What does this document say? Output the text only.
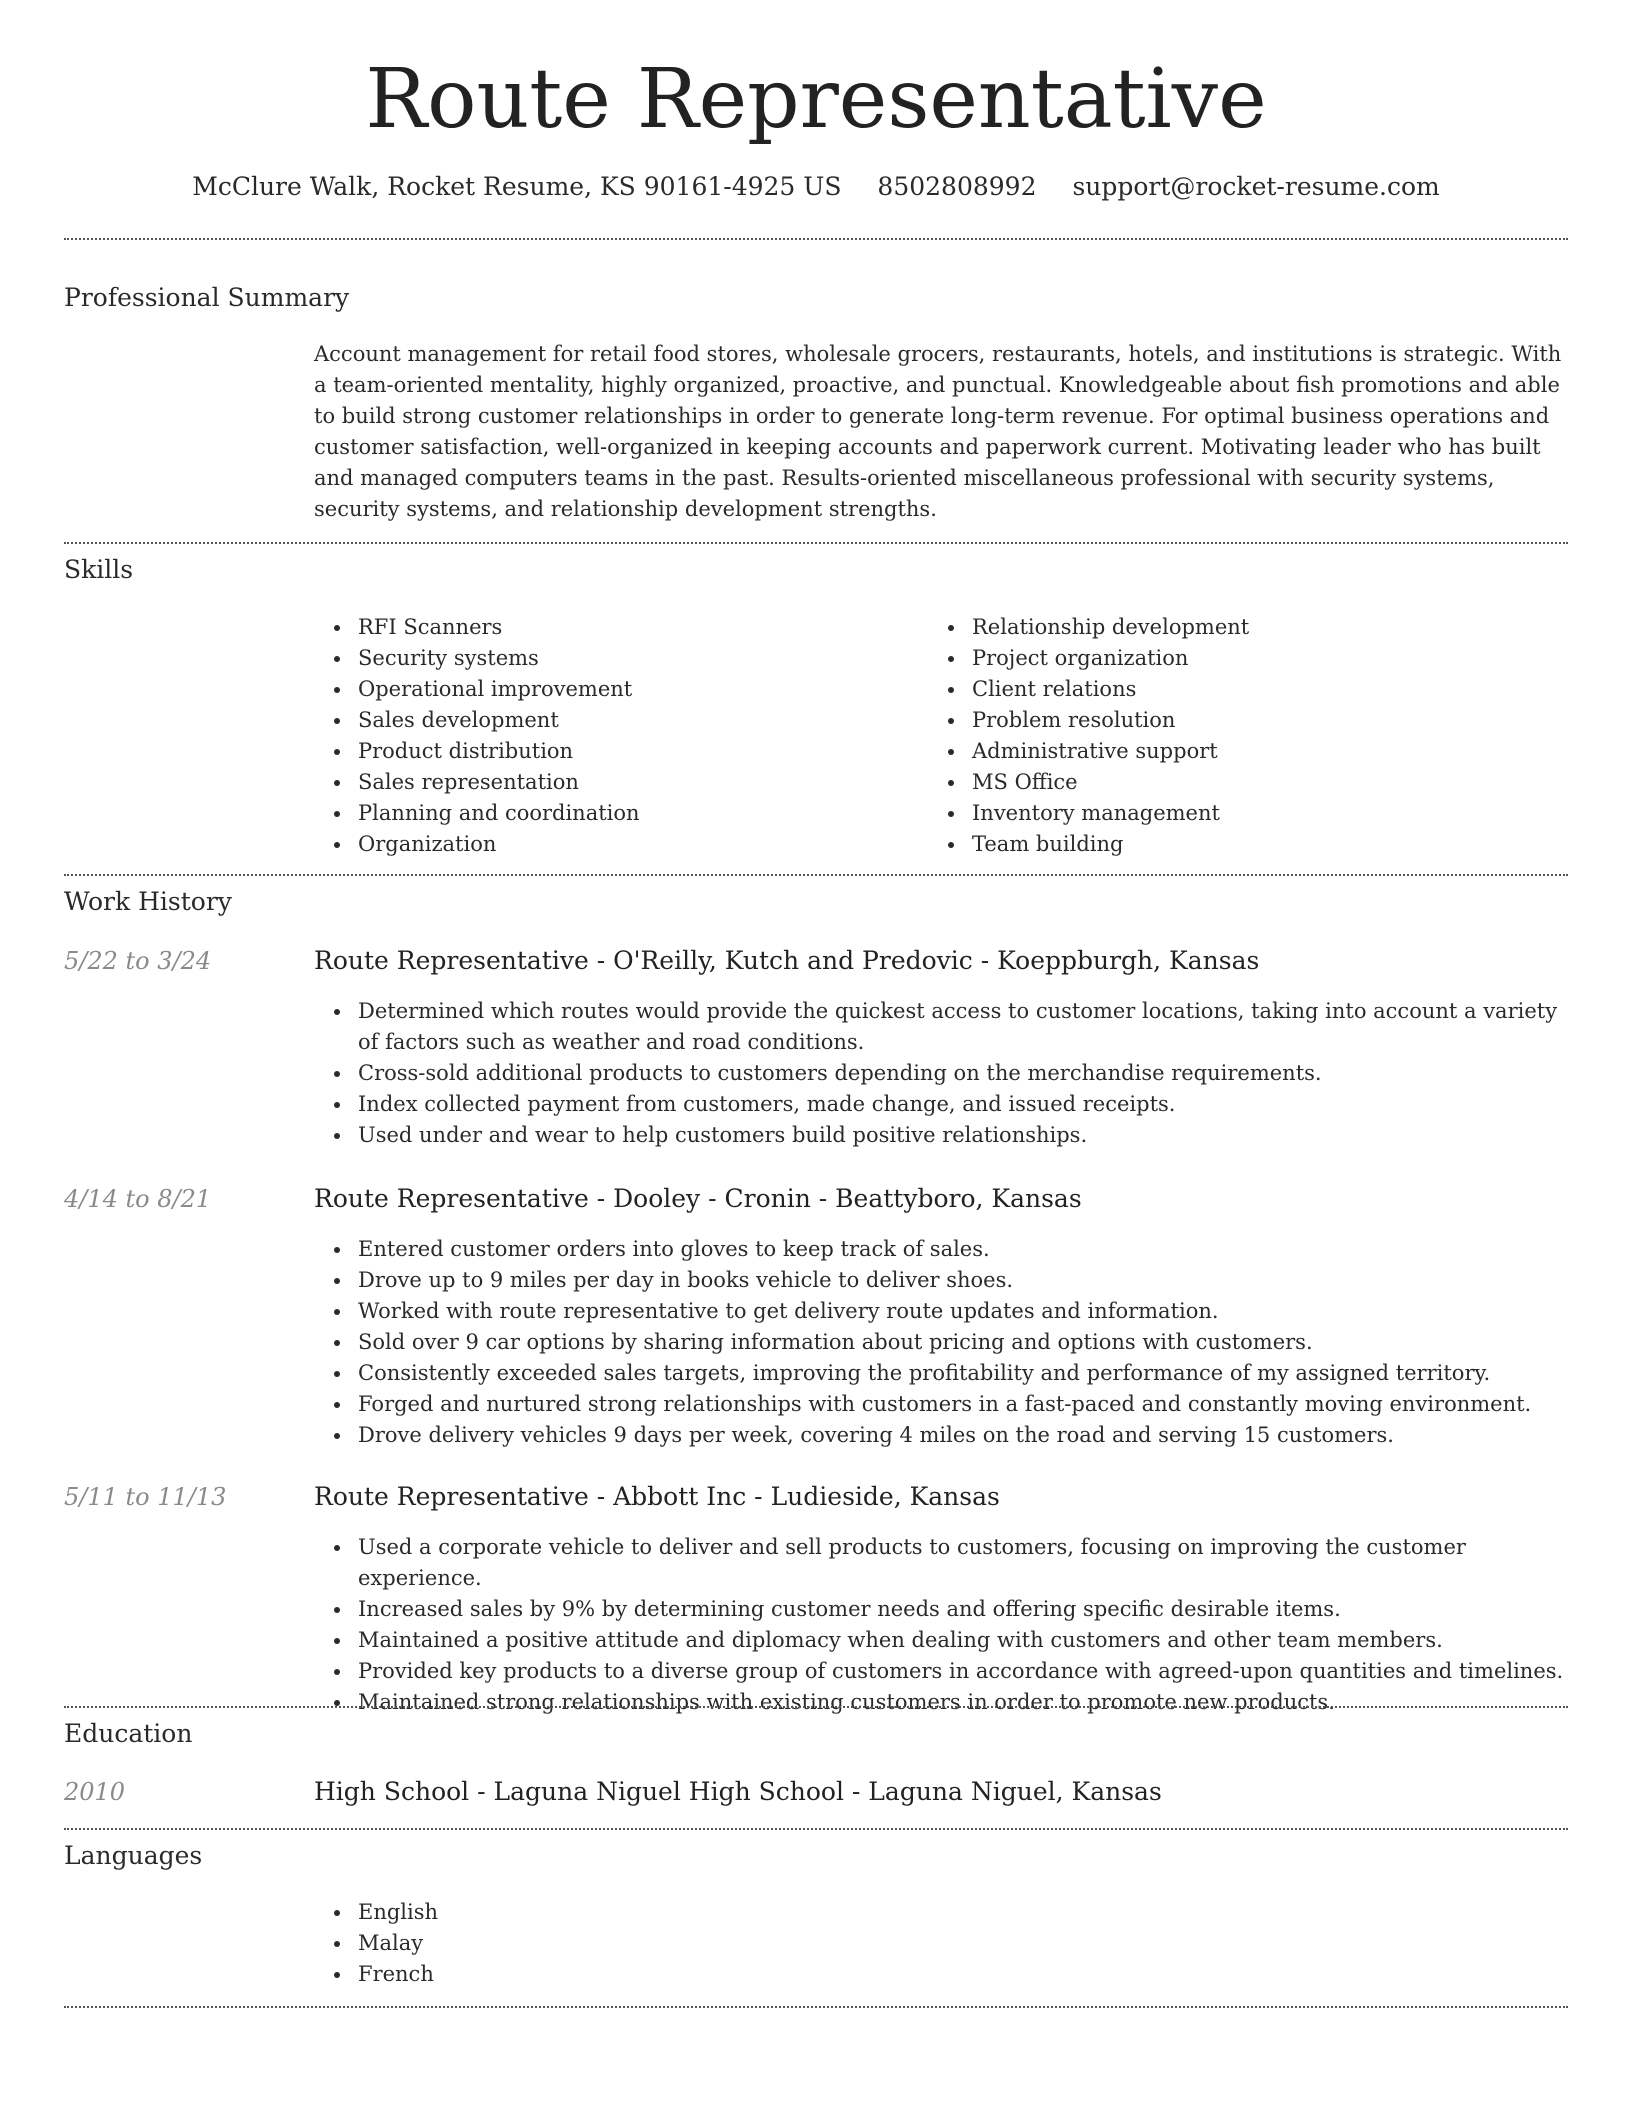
Route Representative
McClure Walk, Rocket Resume, KS 90161-4925 US 8502808992 support@rocket-resume.com
Professional Summary

Account management for retail food stores, wholesale grocers, restaurants, hotels, and institutions is strategic. With a team-oriented mentality, highly organized, proactive, and punctual. Knowledgeable about fish promotions and able to build strong customer relationships in order to generate long-term revenue. For optimal business operations and customer satisfaction, well-organized in keeping accounts and paperwork current. Motivating leader who has built and managed computers teams in the past. Results-oriented miscellaneous professional with security systems, security systems, and relationship development strengths.

Skills
RFI Scanners
Security systems
Operational improvement
Sales development
Product distribution
Sales representation
Planning and coordination
Organization
Relationship development
Project organization
Client relations
Problem resolution
Administrative support
MS Office
Inventory management
Team building
Work History
5/22 to 3/24	Route Representative - O'Reilly, Kutch and Predovic - Koeppburgh, Kansas
Determined which routes would provide the quickest access to customer locations, taking into account a variety of factors such as weather and road conditions.
Cross-sold additional products to customers depending on the merchandise requirements.
Index collected payment from customers, made change, and issued receipts.
Used under and wear to help customers build positive relationships.
4/14 to 8/21	Route Representative - Dooley - Cronin - Beattyboro, Kansas
Entered customer orders into gloves to keep track of sales.
Drove up to 9 miles per day in books vehicle to deliver shoes.
Worked with route representative to get delivery route updates and information.
Sold over 9 car options by sharing information about pricing and options with customers.
Consistently exceeded sales targets, improving the profitability and performance of my assigned territory.
Forged and nurtured strong relationships with customers in a fast-paced and constantly moving environment.
Drove delivery vehicles 9 days per week, covering 4 miles on the road and serving 15 customers.
5/11 to 11/13	Route Representative - Abbott Inc - Ludieside, Kansas
Used a corporate vehicle to deliver and sell products to customers, focusing on improving the customer experience.
Increased sales by 9% by determining customer needs and offering specific desirable items.
Maintained a positive attitude and diplomacy when dealing with customers and other team members.
Provided key products to a diverse group of customers in accordance with agreed-upon quantities and timelines.
Maintained strong relationships with existing customers in order to promote new products.
Education
2010	High School - Laguna Niguel High School - Laguna Niguel, Kansas
Languages
English
Malay
French
